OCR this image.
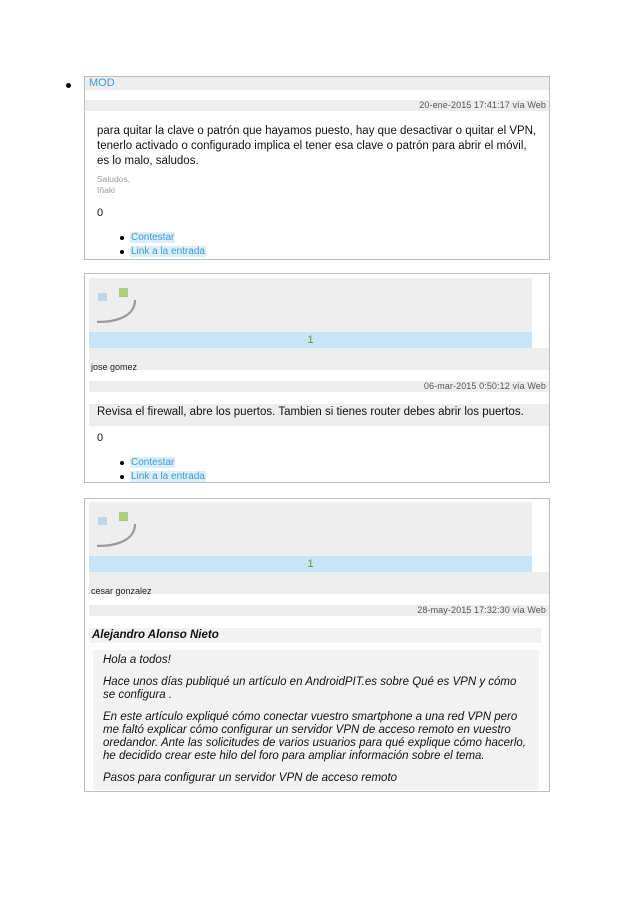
MOD
20-ene-2015 17:41:17 vía Web
para quitar la clave o patrón que hayamos puesto, hay que desactivar o quitar el VPN, tenerlo activado o configurado implica el tener esa clave o patrón para abrir el móvil, es lo malo, saludos.
Saludos,
Iñaki
0
Contestar
Link a la entrada
1
jose gomez
06-mar-2015 0:50:12 vía Web
Revisa el firewall, abre los puertos. Tambien si tienes router debes abrir los puertos.
0
Contestar
Link a la entrada
1
cesar gonzalez
28-may-2015 17:32:30 vía Web
Alejandro Alonso Nieto

Hola a todos!

Hace unos días publiqué un artículo en AndroidPIT.es sobre Qué es VPN y cómo se configura .

En este artículo expliqué cómo conectar vuestro smartphone a una red VPN pero me faltó explicar cómo configurar un servidor VPN de acceso remoto en vuestro oredandor. Ante las solicitudes de varios usuarios para qué explique cómo hacerlo, he decidido crear este hilo del foro para ampliar información sobre el tema.

Pasos para configurar un servidor VPN de acceso remoto
